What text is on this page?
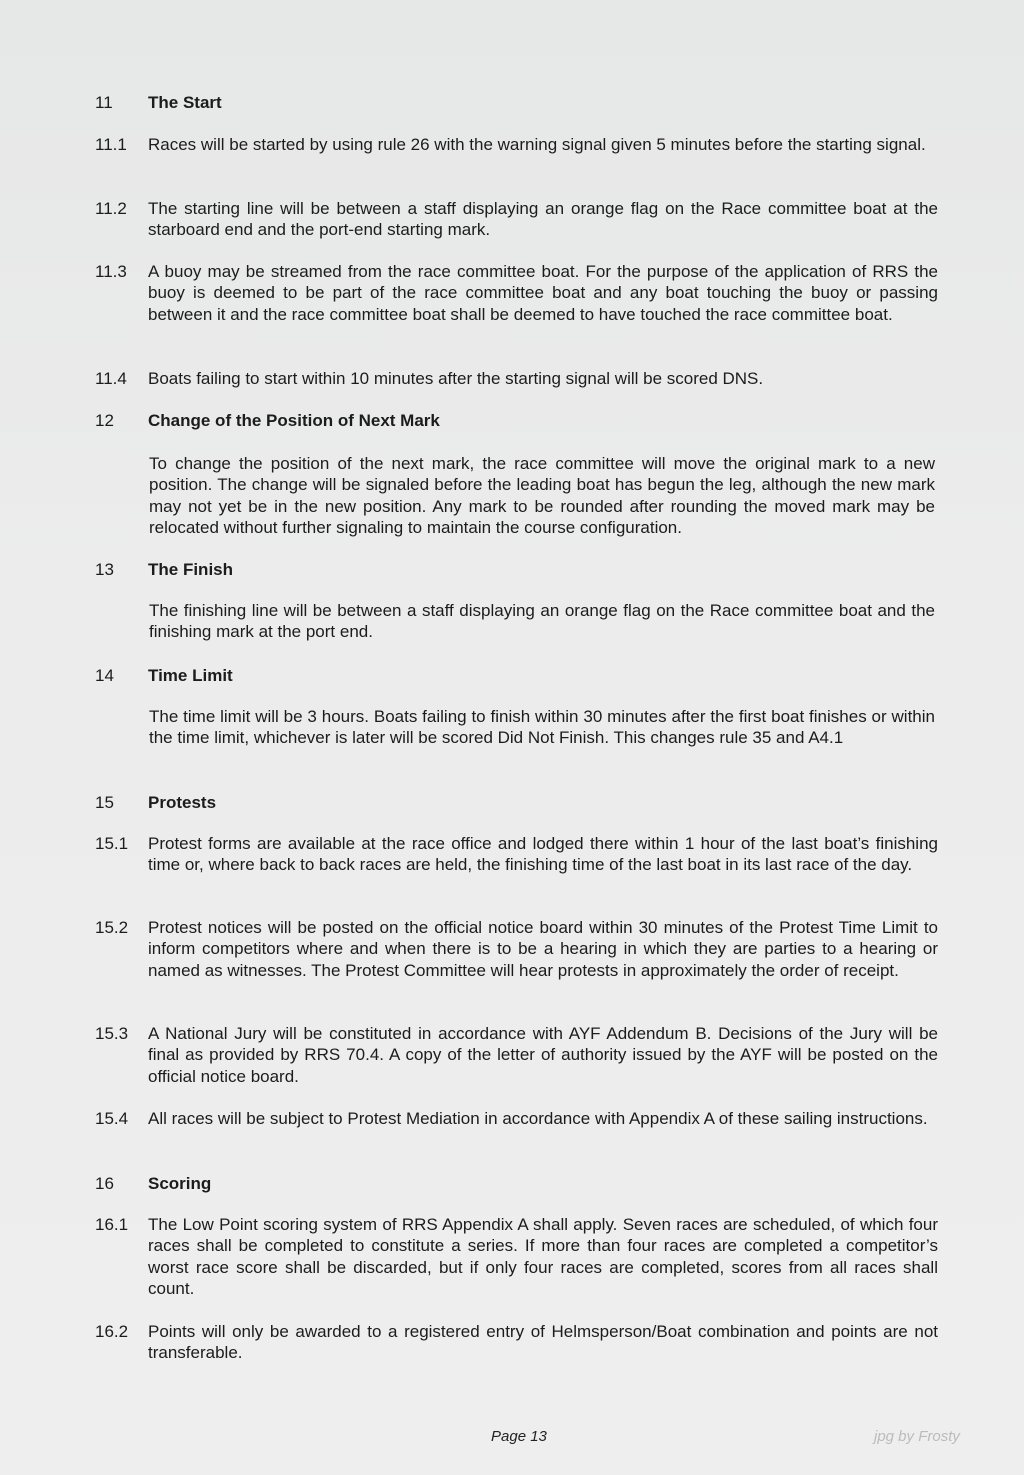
11	The Start
11.1	Races will be started by using rule 26 with the warning signal given 5 minutes before the starting signal.
11.2	The starting line will be between a staff displaying an orange flag on the Race committee boat at the starboard end and the port-end starting mark.
11.3	A buoy may be streamed from the race committee boat. For the purpose of the application of RRS the buoy is deemed to be part of the race committee boat and any boat touching the buoy or passing between it and the race committee boat shall be deemed to have touched the race committee boat.
11.4	Boats failing to start within 10 minutes after the starting signal will be scored DNS.
12	Change of the Position of Next Mark
To change the position of the next mark, the race committee will move the original mark to a new position. The change will be signaled before the leading boat has begun the leg, although the new mark may not yet be in the new position. Any mark to be rounded after rounding the moved mark may be relocated without further signaling to maintain the course configuration.
13	The Finish
The finishing line will be between a staff displaying an orange flag on the Race committee boat and the finishing mark at the port end.
14	Time Limit
The time limit will be 3 hours. Boats failing to finish within 30 minutes after the first boat finishes or within the time limit, whichever is later will be scored Did Not Finish. This changes rule 35 and A4.1
15	Protests
15.1	Protest forms are available at the race office and lodged there within 1 hour of the last boat’s finishing time or, where back to back races are held, the finishing time of the last boat in its last race of the day.
15.2	Protest notices will be posted on the official notice board within 30 minutes of the Protest Time Limit to inform competitors where and when there is to be a hearing in which they are parties to a hearing or named as witnesses. The Protest Committee will hear protests in approximately the order of receipt.
15.3	A National Jury will be constituted in accordance with AYF Addendum B. Decisions of the Jury will be final as provided by RRS 70.4. A copy of the letter of authority issued by the AYF will be posted on the official notice board.
15.4	All races will be subject to Protest Mediation in accordance with Appendix A of these sailing instructions.
16	Scoring
16.1	The Low Point scoring system of RRS Appendix A shall apply. Seven races are scheduled, of which four races shall be completed to constitute a series. If more than four races are completed a competitor’s worst race score shall be discarded, but if only four races are completed, scores from all races shall count.
16.2	Points will only be awarded to a registered entry of Helmsperson/Boat combination and points are not transferable.
Page 13	jpg by Frosty
